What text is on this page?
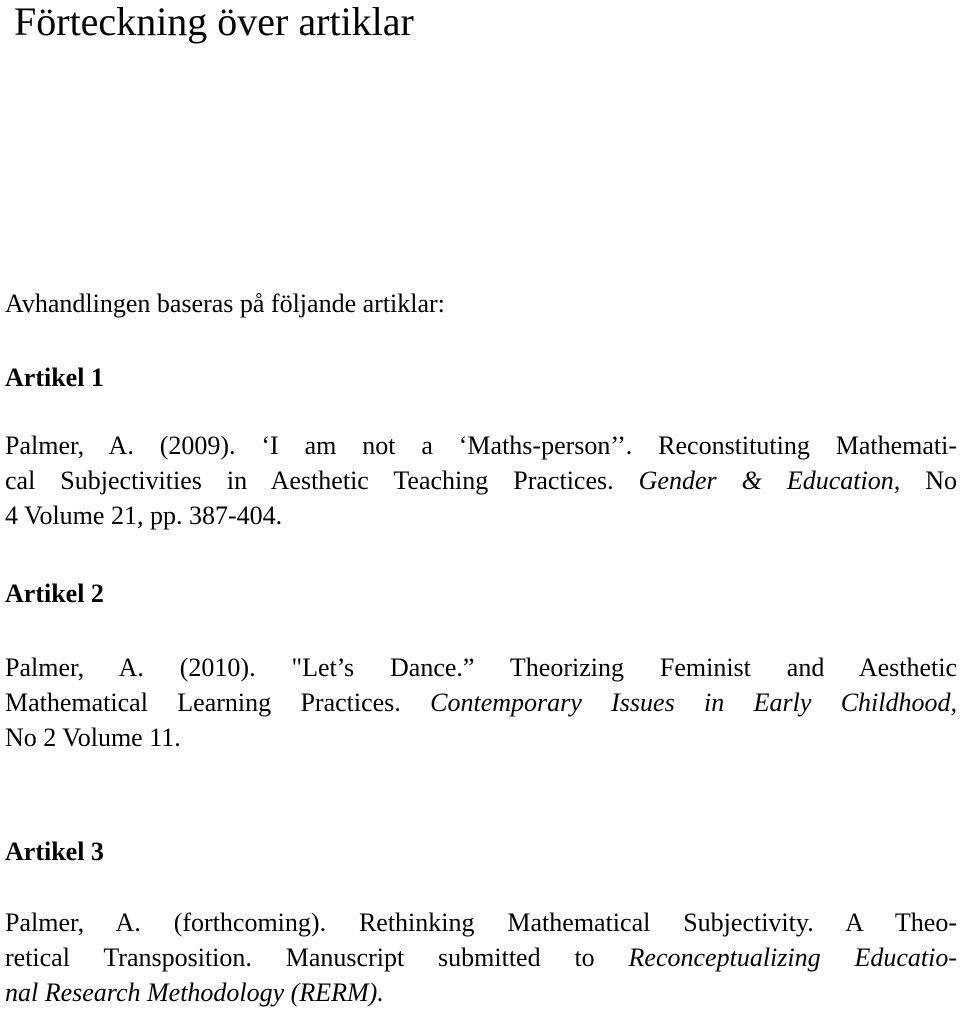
Förteckning över artiklar

Avhandlingen baseras på följande artiklar:

Artikel 1

Palmer, A. (2009). ‘I am not a ‘Maths-person’’. Reconstituting Mathemati-
cal Subjectivities in Aesthetic Teaching Practices. Gender & Education, No
4 Volume 21, pp. 387-404.

Artikel 2

Palmer, A. (2010). "Let’s Dance.” Theorizing Feminist and Aesthetic
Mathematical Learning Practices. Contemporary Issues in Early Childhood,
No 2 Volume 11.

Artikel 3

Palmer, A. (forthcoming). Rethinking Mathematical Subjectivity. A Theo-
retical Transposition. Manuscript submitted to Reconceptualizing Educatio-
nal Research Methodology (RERM).
